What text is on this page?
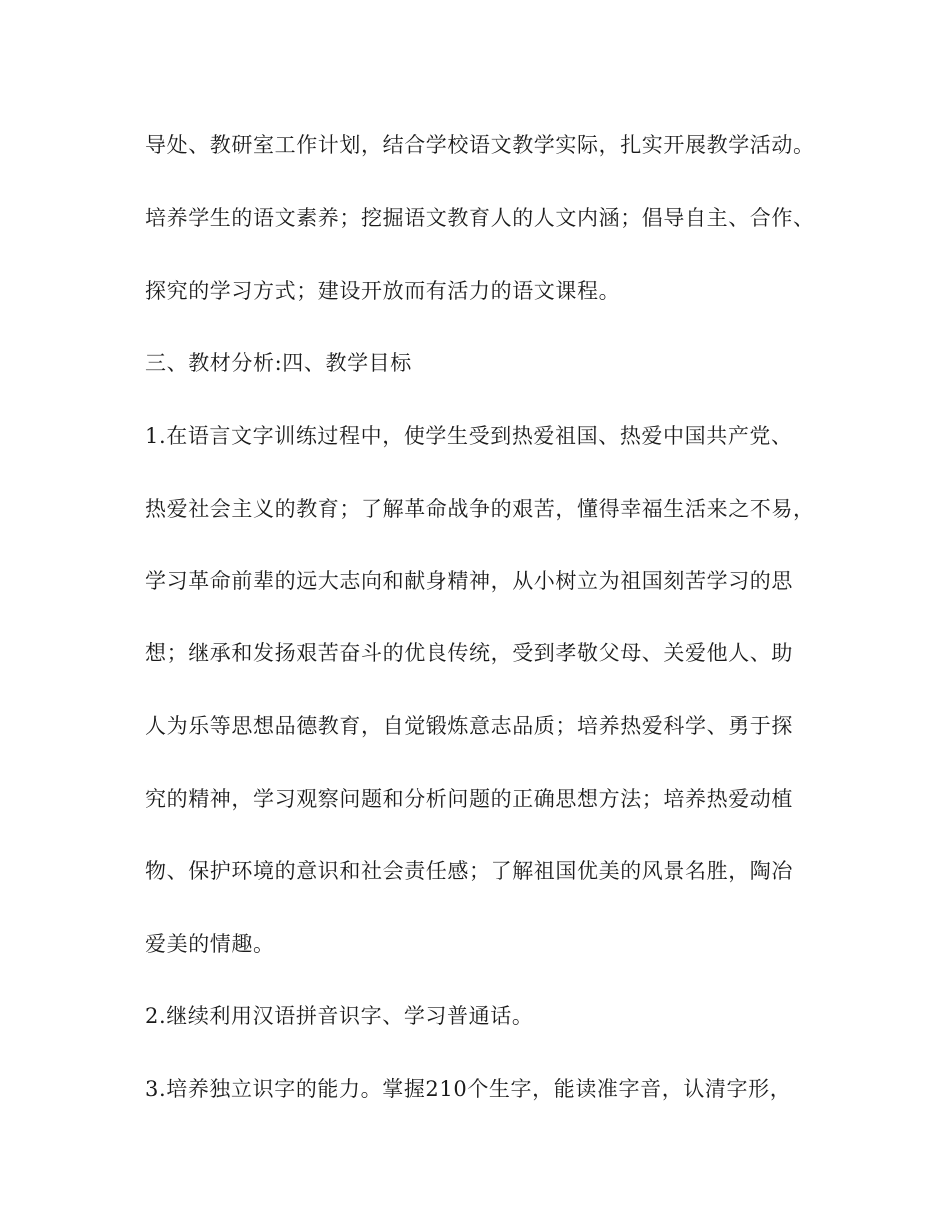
导处、教研室工作计划，结合学校语文教学实际，扎实开展教学活动。
培养学生的语文素养；挖掘语文教育人的人文内涵；倡导自主、合作、
探究的学习方式；建设开放而有活力的语文课程。
三、教材分析:四、教学目标
1.在语言文字训练过程中，使学生受到热爱祖国、热爱中国共产党、
热爱社会主义的教育；了解革命战争的艰苦，懂得幸福生活来之不易，
学习革命前辈的远大志向和献身精神，从小树立为祖国刻苦学习的思
想；继承和发扬艰苦奋斗的优良传统，受到孝敬父母、关爱他人、助
人为乐等思想品德教育，自觉锻炼意志品质；培养热爱科学、勇于探
究的精神，学习观察问题和分析问题的正确思想方法；培养热爱动植
物、保护环境的意识和社会责任感；了解祖国优美的风景名胜，陶冶
爱美的情趣。
2.继续利用汉语拼音识字、学习普通话。
3.培养独立识字的能力。掌握210个生字，能读准字音，认清字形，
